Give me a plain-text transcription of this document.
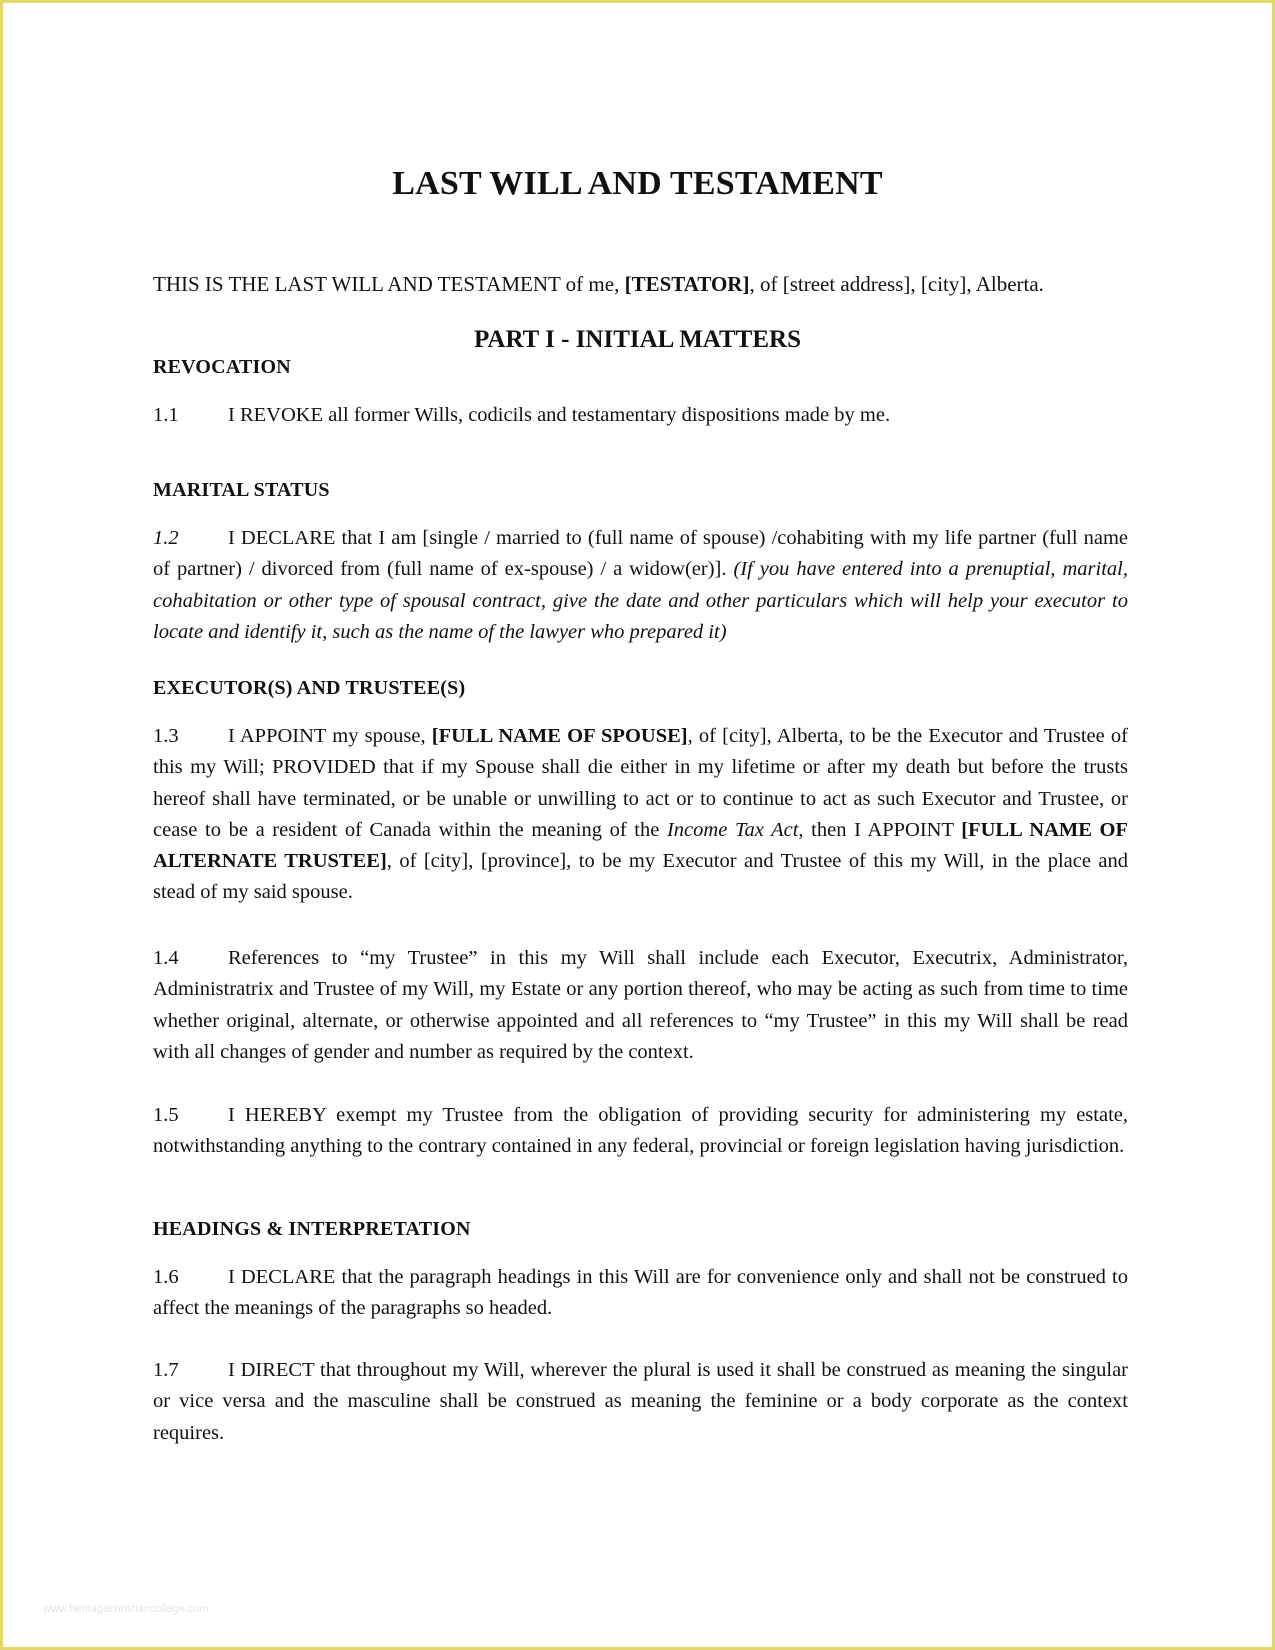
LAST WILL AND TESTAMENT
THIS IS THE LAST WILL AND TESTAMENT of me, [TESTATOR], of [street address], [city], Alberta.
PART I - INITIAL MATTERS
REVOCATION
1.1 I REVOKE all former Wills, codicils and testamentary dispositions made by me.
MARITAL STATUS
1.2 I DECLARE that I am [single / married to (full name of spouse) /cohabiting with my life partner (full name of partner) / divorced from (full name of ex-spouse) / a widow(er)]. (If you have entered into a prenuptial, marital, cohabitation or other type of spousal contract, give the date and other particulars which will help your executor to locate and identify it, such as the name of the lawyer who prepared it)
EXECUTOR(S) AND TRUSTEE(S)
1.3 I APPOINT my spouse, [FULL NAME OF SPOUSE], of [city], Alberta, to be the Executor and Trustee of this my Will; PROVIDED that if my Spouse shall die either in my lifetime or after my death but before the trusts hereof shall have terminated, or be unable or unwilling to act or to continue to act as such Executor and Trustee, or cease to be a resident of Canada within the meaning of the Income Tax Act, then I APPOINT [FULL NAME OF ALTERNATE TRUSTEE], of [city], [province], to be my Executor and Trustee of this my Will, in the place and stead of my said spouse.
1.4 References to “my Trustee” in this my Will shall include each Executor, Executrix, Administrator, Administratrix and Trustee of my Will, my Estate or any portion thereof, who may be acting as such from time to time whether original, alternate, or otherwise appointed and all references to “my Trustee” in this my Will shall be read with all changes of gender and number as required by the context.
1.5 I HEREBY exempt my Trustee from the obligation of providing security for administering my estate, notwithstanding anything to the contrary contained in any federal, provincial or foreign legislation having jurisdiction.
HEADINGS & INTERPRETATION
1.6 I DECLARE that the paragraph headings in this Will are for convenience only and shall not be construed to affect the meanings of the paragraphs so headed.
1.7 I DIRECT that throughout my Will, wherever the plural is used it shall be construed as meaning the singular or vice versa and the masculine shall be construed as meaning the feminine or a body corporate as the context requires.
www.heritagechristiancollege.com
